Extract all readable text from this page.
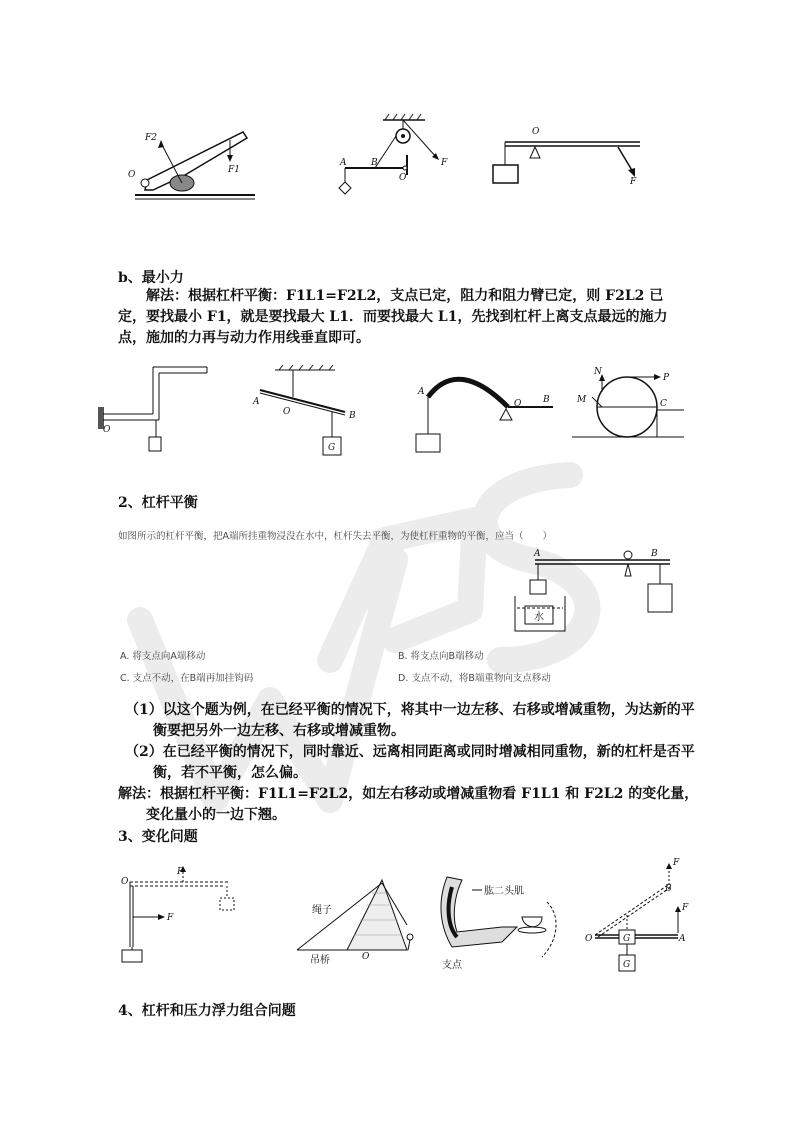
F2
F1
O
A	B
O
F
O
F
b、最小力
解法：根据杠杆平衡：F1L1=F2L2，支点已定，阻力和阻力臂已定，则 F2L2 已定，要找最小 F1，就是要找最大 L1．而要找最大 L1，先找到杠杆上离支点最远的施力点，施加的力再与动力作用线垂直即可。
O
A
O	B
G
A
O B
N
P
M	C
2、杠杆平衡
如图所示的杠杆平衡，把A端所挂重物浸没在水中，杠杆失去平衡，为使杠杆重物的平衡，应当（　　）
A	B
水
A. 将支点向A端移动	B. 将支点向B端移动
C. 支点不动，在B端再加挂钩码	D. 支点不动，将B端重物向支点移动
（1）以这个题为例，在已经平衡的情况下，将其中一边左移、右移或增减重物，为达新的平衡要把另外一边左移、右移或增减重物。
（2）在已经平衡的情况下，同时靠近、远离相同距离或同时增减相同重物，新的杠杆是否平衡，若不平衡，怎么偏。
解法：根据杠杆平衡：F1L1=F2L2，如左右移动或增减重物看 F1L1 和 F2L2 的变化量，变化量小的一边下翘。
3、变化问题
O
F
F
绳子
吊桥	O
肱二头肌
支点
F
B
F
O	G	A
G
4、杠杆和压力浮力组合问题
